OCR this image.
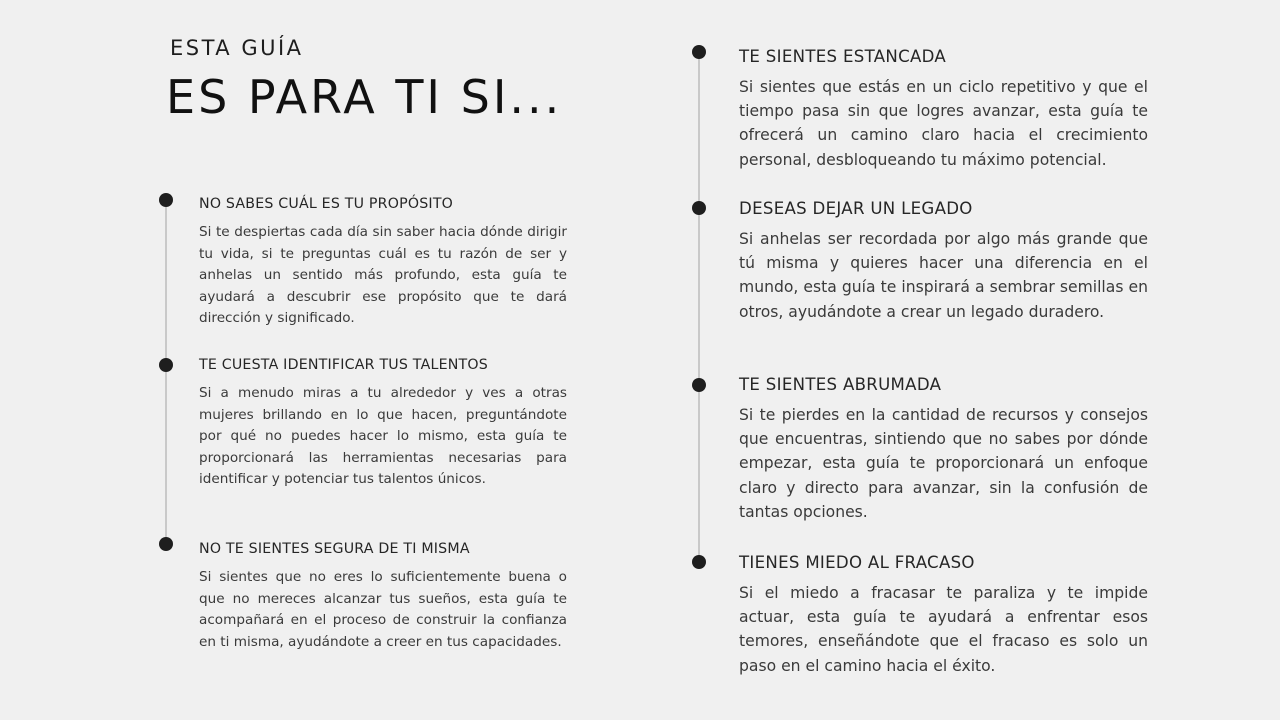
ESTA GUÍA
ES PARA TI SI...
NO SABES CUÁL ES TU PROPÓSITO

Si te despiertas cada día sin saber hacia dónde dirigir tu vida, si te preguntas cuál es tu razón de ser y anhelas un sentido más profundo, esta guía te ayudará a descubrir ese propósito que te dará dirección y significado.

TE CUESTA IDENTIFICAR TUS TALENTOS

Si a menudo miras a tu alrededor y ves a otras mujeres brillando en lo que hacen, preguntándote por qué no puedes hacer lo mismo, esta guía te proporcionará las herramientas necesarias para identificar y potenciar tus talentos únicos.

NO TE SIENTES SEGURA DE TI MISMA

Si sientes que no eres lo suficientemente buena o que no mereces alcanzar tus sueños, esta guía te acompañará en el proceso de construir la confianza en ti misma, ayudándote a creer en tus capacidades.

TE SIENTES ESTANCADA

Si sientes que estás en un ciclo repetitivo y que el tiempo pasa sin que logres avanzar, esta guía te ofrecerá un camino claro hacia el crecimiento personal, desbloqueando tu máximo potencial.

DESEAS DEJAR UN LEGADO

Si anhelas ser recordada por algo más grande que tú misma y quieres hacer una diferencia en el mundo, esta guía te inspirará a sembrar semillas en otros, ayudándote a crear un legado duradero.

TE SIENTES ABRUMADA

Si te pierdes en la cantidad de recursos y consejos que encuentras, sintiendo que no sabes por dónde empezar, esta guía te proporcionará un enfoque claro y directo para avanzar, sin la confusión de tantas opciones.

TIENES MIEDO AL FRACASO

Si el miedo a fracasar te paraliza y te impide actuar, esta guía te ayudará a enfrentar esos temores, enseñándote que el fracaso es solo un paso en el camino hacia el éxito.
